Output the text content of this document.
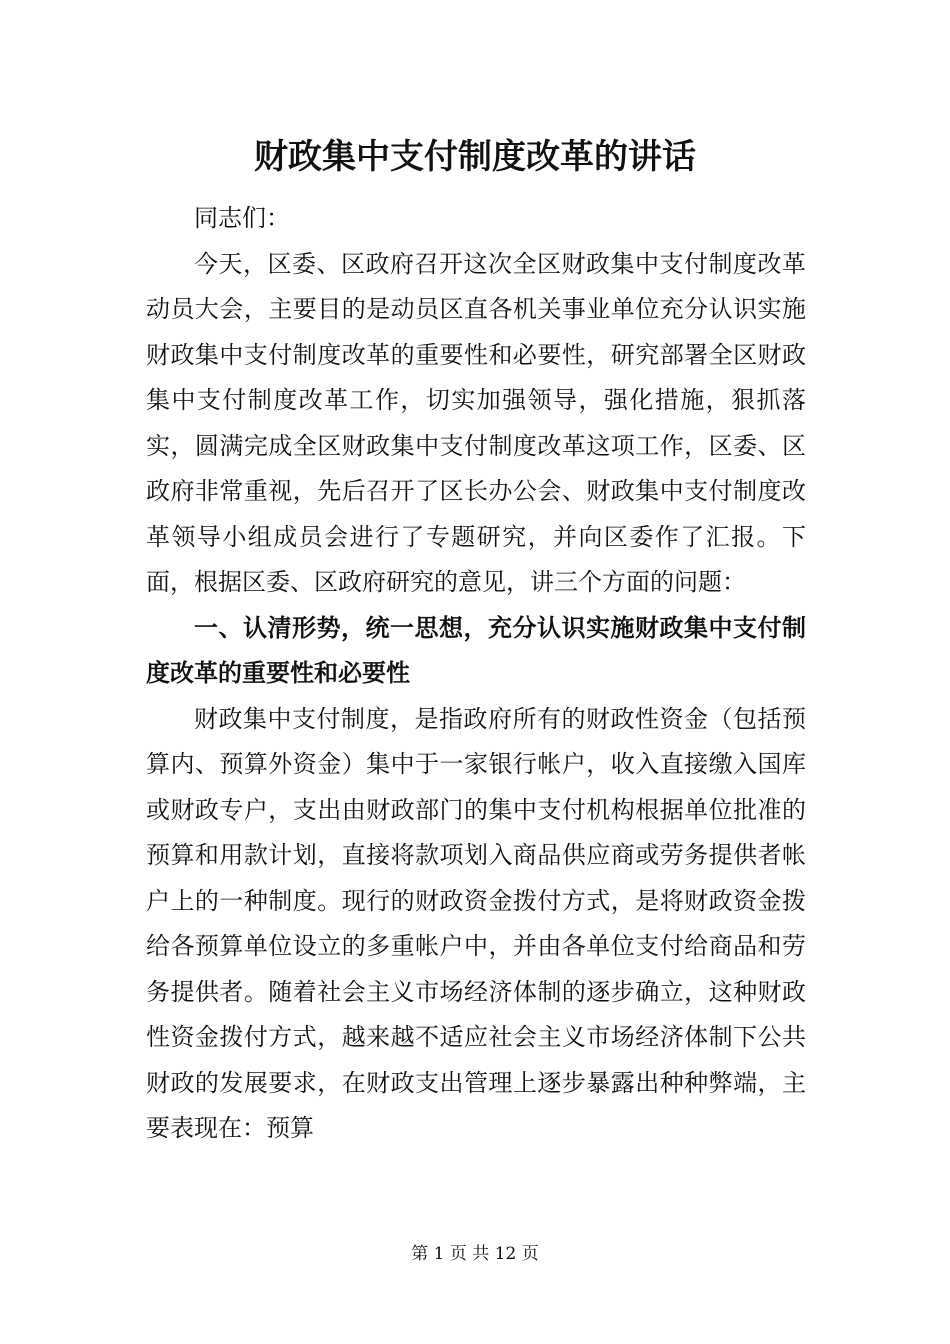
财政集中支付制度改革的讲话

同志们：

今天，区委、区政府召开这次全区财政集中支付制度改革动员大会，主要目的是动员区直各机关事业单位充分认识实施财政集中支付制度改革的重要性和必要性，研究部署全区财政集中支付制度改革工作，切实加强领导，强化措施，狠抓落实，圆满完成全区财政集中支付制度改革这项工作，区委、区政府非常重视，先后召开了区长办公会、财政集中支付制度改革领导小组成员会进行了专题研究，并向区委作了汇报。下面，根据区委、区政府研究的意见，讲三个方面的问题：

一、认清形势，统一思想，充分认识实施财政集中支付制度改革的重要性和必要性

财政集中支付制度，是指政府所有的财政性资金（包括预算内、预算外资金）集中于一家银行帐户，收入直接缴入国库或财政专户，支出由财政部门的集中支付机构根据单位批准的预算和用款计划，直接将款项划入商品供应商或劳务提供者帐户上的一种制度。现行的财政资金拨付方式，是将财政资金拨给各预算单位设立的多重帐户中，并由各单位支付给商品和劳务提供者。随着社会主义市场经济体制的逐步确立，这种财政性资金拨付方式，越来越不适应社会主义市场经济体制下公共财政的发展要求，在财政支出管理上逐步暴露出种种弊端，主要表现在：预算

第 1 页 共 12 页
